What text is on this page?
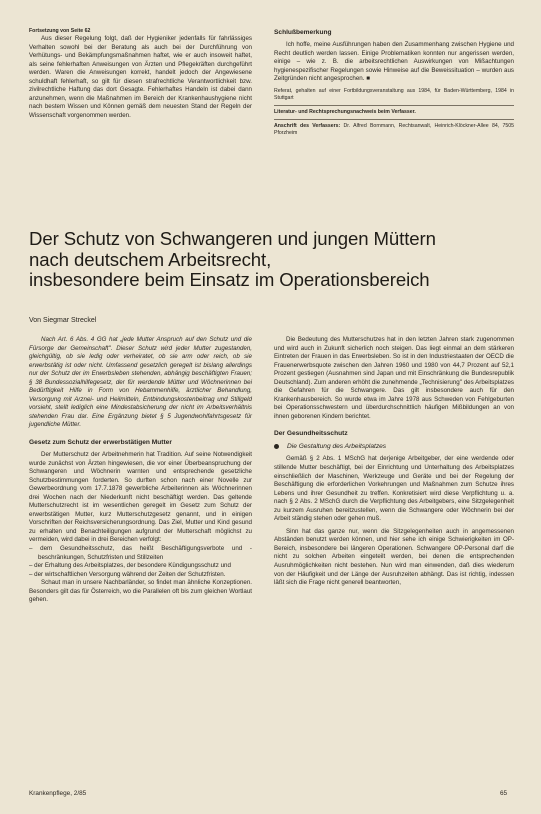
Fortsetzung von Seite 62

Aus dieser Regelung folgt, daß der Hygieniker jedenfalls für fahrlässiges Verhalten sowohl bei der Beratung als auch bei der Durchführung von Verhütungs- und Bekämpfungsmaßnahmen haftet, wie er auch insoweit haftet, als seine fehlerhaften Anweisungen von Ärzten und Pflegekräften durchgeführt werden. Waren die Anweisungen korrekt, handelt jedoch der Angewiesene schuldhaft fehlerhaft, so gilt für diesen strafrechtliche Verantwortlichkeit bzw. zivilrechtliche Haftung das dort Gesagte. Fehlerhaftes Handeln ist dabei dann anzunehmen, wenn die Maßnahmen im Bereich der Krankenhaushygiene nicht nach bestem Wissen und Können gemäß dem neuesten Stand der Regeln der Wissenschaft vorgenommen werden.

Schlußbemerkung

Ich hoffe, meine Ausführungen haben den Zusammenhang zwischen Hygiene und Recht deutlich werden lassen. Einige Problematiken konnten nur angerissen werden, einige – wie z. B. die arbeitsrechtlichen Auswirkungen von Mißachtungen hygienespezifischer Regelungen sowie Hinweise auf die Beweissituation – wurden aus Zeitgründen nicht angesprochen. ■

Referat, gehalten auf einer Fortbildungsveranstaltung aus 1984, für Baden-Württemberg, 1984 in Stuttgart

Literatur- und Rechtsprechungsnachweis beim Verfasser.

Anschrift des Verfassers: Dr. Alfred Bornmann, Rechtsanwalt, Heinrich-Klöckner-Allee 84, 7505 Pforzheim

Der Schutz von Schwangeren und jungen Müttern

nach deutschem Arbeitsrecht,

insbesondere beim Einsatz im Operationsbereich

Von Siegmar Streckel

Nach Art. 6 Abs. 4 GG hat „jede Mutter Anspruch auf den Schutz und die Fürsorge der Gemeinschaft". Dieser Schutz wird jeder Mutter zugestanden, gleichgültig, ob sie ledig oder verheiratet, ob sie arm oder reich, ob sie erwerbstätig ist oder nicht. Umfassend gesetzlich geregelt ist bislang allerdings nur der Schutz der im Erwerbsleben stehenden, abhängig beschäftigten Frauen; § 38 Bundessozialhilfegesetz, der für werdende Mütter und Wöchnerinnen bei Bedürftigkeit Hilfe in Form von Hebammenhilfe, ärztlicher Behandlung, Versorgung mit Arznei- und Heilmitteln, Entbindungskostenbeitrag und Stillgeld vorsieht, stellt lediglich eine Mindestabsicherung der nicht im Arbeitsverhältnis stehenden Frau dar. Eine Ergänzung bietet § 5 Jugendwohlfahrtsgesetz für jugendliche Mütter.

Gesetz zum Schutz der erwerbstätigen Mutter

Der Mutterschutz der Arbeitnehmerin hat Tradition. Auf seine Notwendigkeit wurde zunächst von Ärzten hingewiesen, die vor einer Überbeanspruchung der Schwangeren und Wöchnerin warnten und entsprechende gesetzliche Schutzbestimmungen forderten. So durften schon nach einer Novelle zur Gewerbeordnung vom 17.7.1878 gewerbliche Arbeiterinnen als Wöchnerinnen drei Wochen nach der Niederkunft nicht beschäftigt werden. Das geltende Mutterschutzrecht ist im wesentlichen geregelt im Gesetz zum Schutz der erwerbstätigen Mutter, kurz Mutterschutzgesetz genannt, und in einigen Vorschriften der Reichsversicherungsordnung. Das Ziel, Mutter und Kind gesund zu erhalten und Benachteiligungen aufgrund der Mutterschaft möglichst zu vermeiden, wird dabei in drei Bereichen verfolgt:

– dem Gesundheitsschutz, das heißt Beschäftigungsverbote und -beschränkungen, Schutzfristen und Stillzeiten
– der Erhaltung des Arbeitsplatzes, der besondere Kündigungsschutz und
– der wirtschaftlichen Versorgung während der Zeiten der Schutzfristen.

Schaut man in unsere Nachbarländer, so findet man ähnliche Konzeptionen. Besonders gilt das für Österreich, wo die Parallelen oft bis zum gleichen Wortlaut gehen.

Die Bedeutung des Mutterschutzes hat in den letzten Jahren stark zugenommen und wird auch in Zukunft sicherlich noch steigen. Das liegt einmal an dem stärkeren Eintreten der Frauen in das Erwerbsleben. So ist in den Industriestaaten der OECD die Frauenerwerbsquote zwischen den Jahren 1960 und 1980 von 44,7 Prozent auf 52,1 Prozent gestiegen (Ausnahmen sind Japan und mit Einschränkung die Bundesrepublik Deutschland). Zum anderen erhöht die zunehmende „Technisierung" des Arbeitsplatzes die Gefahren für die Schwangere. Das gilt insbesondere auch für den Krankenhausbereich. So wurde etwa im Jahre 1978 aus Schweden von Fehlgeburten bei Operationsschwestern und überdurchschnittlich häufigen Mißbildungen an von ihnen geborenen Kindern berichtet.

Der Gesundheitsschutz
Die Gestaltung des Arbeitsplatzes

Gemäß § 2 Abs. 1 MSchG hat derjenige Arbeitgeber, der eine werdende oder stillende Mutter beschäftigt, bei der Einrichtung und Unterhaltung des Arbeitsplatzes einschließlich der Maschinen, Werkzeuge und Geräte und bei der Regelung der Beschäftigung die erforderlichen Vorkehrungen und Maßnahmen zum Schutze ihres Lebens und ihrer Gesundheit zu treffen. Konkretisiert wird diese Verpflichtung u. a. nach § 2 Abs. 2 MSchG durch die Verpflichtung des Arbeitgebers, eine Sitzgelegenheit zu kurzem Ausruhen bereitzustellen, wenn die Schwangere oder Wöchnerin bei der Arbeit ständig stehen oder gehen muß.

Sinn hat das ganze nur, wenn die Sitzgelegenheiten auch in angemessenen Abständen benutzt werden können, und hier sehe ich einige Schwierigkeiten im OP-Bereich, insbesondere bei längeren Operationen. Schwangere OP-Personal darf die nicht zu solchen Arbeiten eingeteilt werden, bei denen die entsprechenden Ausruhmöglichkeiten nicht bestehen. Nun wird man einwenden, daß dies wiederum von der Häufigkeit und der Länge der Ausruhzeiten abhängt. Das ist richtig, indessen läßt sich die Frage nicht generell beantworten,

Krankenpflege, 2/85	65
